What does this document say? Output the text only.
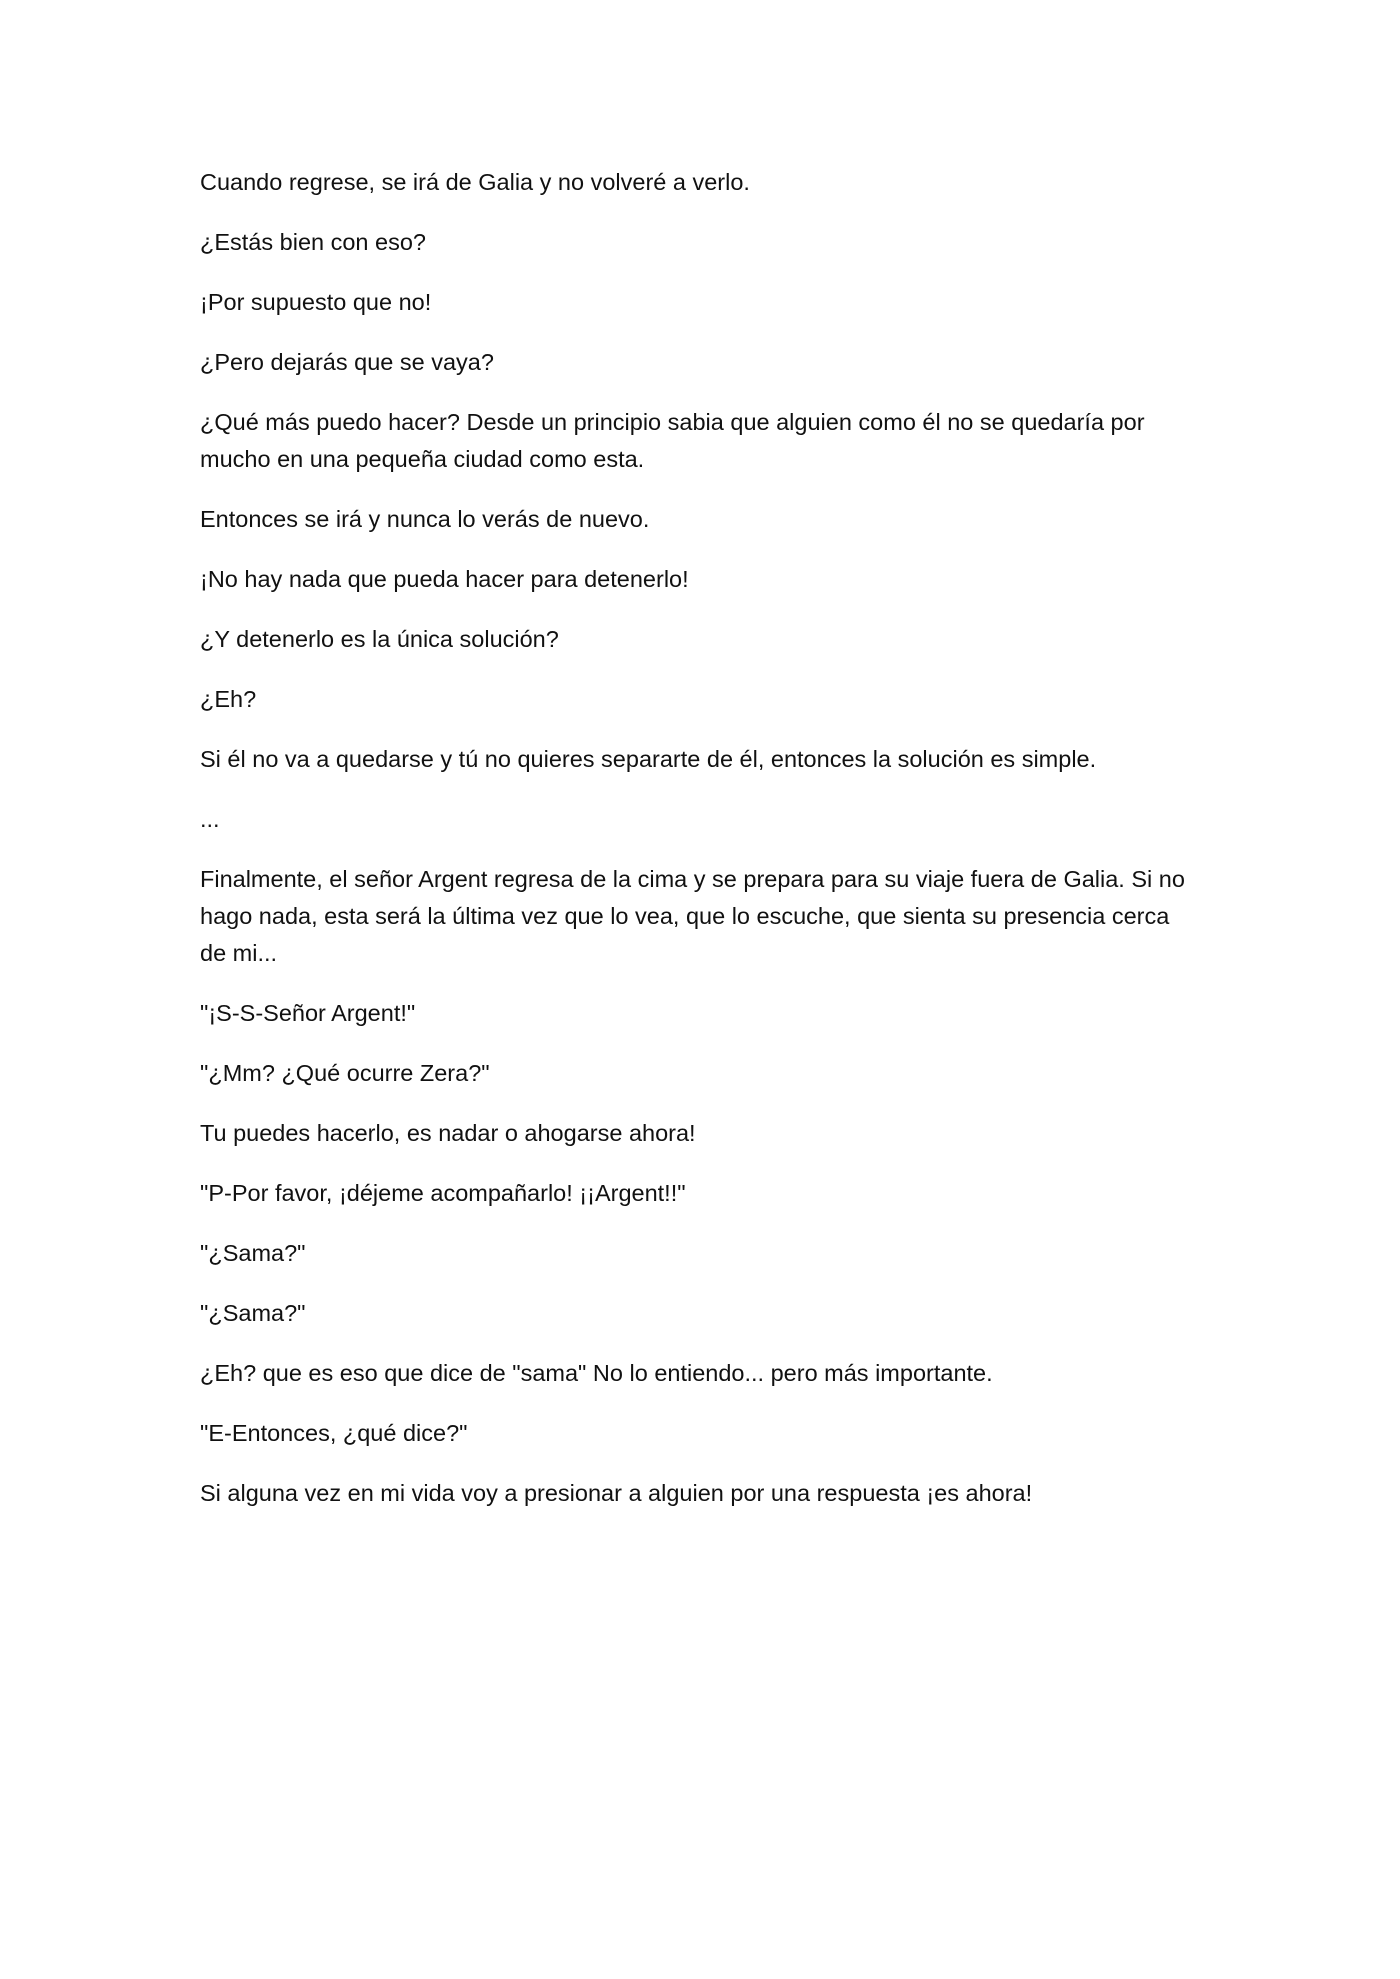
Cuando regrese, se irá de Galia y no volveré a verlo.

¿Estás bien con eso?

¡Por supuesto que no!

¿Pero dejarás que se vaya?

¿Qué más puedo hacer? Desde un principio sabia que alguien como él no se quedaría por mucho en una pequeña ciudad como esta.

Entonces se irá y nunca lo verás de nuevo.

¡No hay nada que pueda hacer para detenerlo!

¿Y detenerlo es la única solución?

¿Eh?

Si él no va a quedarse y tú no quieres separarte de él, entonces la solución es simple.

...

Finalmente, el señor Argent regresa de la cima y se prepara para su viaje fuera de Galia. Si no hago nada, esta será la última vez que lo vea, que lo escuche, que sienta su presencia cerca de mi...

"¡S-S-Señor Argent!"

"¿Mm? ¿Qué ocurre Zera?"

Tu puedes hacerlo, es nadar o ahogarse ahora!

"P-Por favor, ¡déjeme acompañarlo! ¡¡Argent!!"

"¿Sama?"

"¿Sama?"

¿Eh? que es eso que dice de "sama" No lo entiendo... pero más importante.

"E-Entonces, ¿qué dice?"

Si alguna vez en mi vida voy a presionar a alguien por una respuesta ¡es ahora!
